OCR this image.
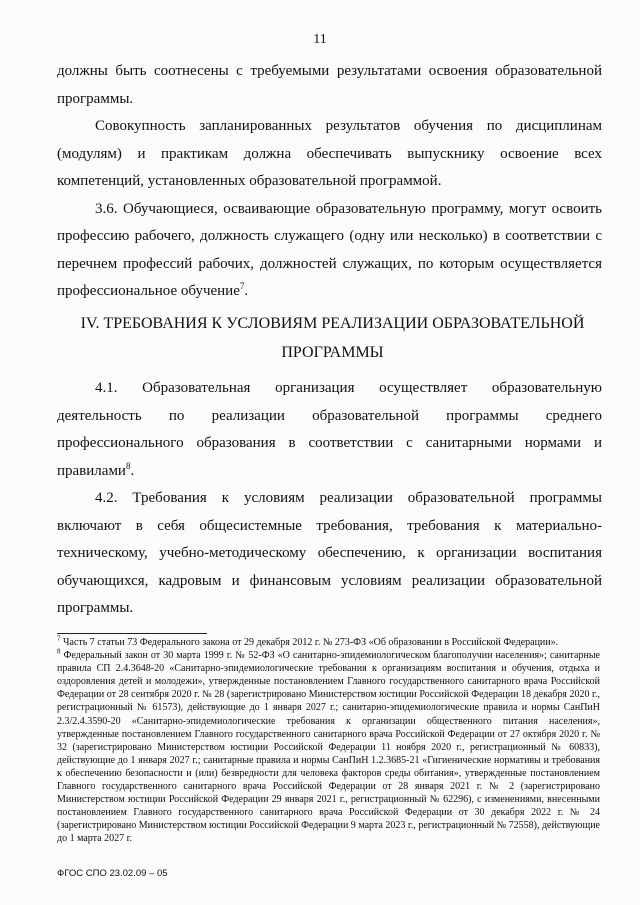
11

должны быть соотнесены с требуемыми результатами освоения образовательной программы.

Совокупность запланированных результатов обучения по дисциплинам (модулям) и практикам должна обеспечивать выпускнику освоение всех компетенций, установленных образовательной программой.

3.6. Обучающиеся, осваивающие образовательную программу, могут освоить профессию рабочего, должность служащего (одну или несколько) в соответствии с перечнем профессий рабочих, должностей служащих, по которым осуществляется профессиональное обучение$^7$.

IV. ТРЕБОВАНИЯ К УСЛОВИЯМ РЕАЛИЗАЦИИ ОБРАЗОВАТЕЛЬНОЙ
ПРОГРАММЫ

4.1. Образовательная организация осуществляет образовательную деятельность по реализации образовательной программы среднего профессионального образования в соответствии с санитарными нормами и правилами$^8$.

4.2. Требования к условиям реализации образовательной программы включают в себя общесистемные требования, требования к материально-техническому, учебно-методическому обеспечению, к организации воспитания обучающихся, кадровым и финансовым условиям реализации образовательной программы.

$^7$ Часть 7 статьи 73 Федерального закона от 29 декабря 2012 г. № 273-ФЗ «Об образовании в Российской Федерации».

$^8$ Федеральный закон от 30 марта 1999 г. № 52-ФЗ «О санитарно-эпидемиологическом благополучии населения»; санитарные правила СП 2.4.3648-20 «Санитарно-эпидемиологические требования к организациям воспитания и обучения, отдыха и оздоровления детей и молодежи», утвержденные постановлением Главного государственного санитарного врача Российской Федерации от 28 сентября 2020 г. № 28 (зарегистрировано Министерством юстиции Российской Федерации 18 декабря 2020 г., регистрационный № 61573), действующие до 1 января 2027 г.; санитарно-эпидемиологические правила и нормы СанПиН 2.3/2.4.3590-20 «Санитарно-эпидемиологические требования к организации общественного питания населения», утвержденные постановлением Главного государственного санитарного врача Российской Федерации от 27 октября 2020 г. № 32 (зарегистрировано Министерством юстиции Российской Федерации 11 ноября 2020 г., регистрационный № 60833), действующие до 1 января 2027 г.; санитарные правила и нормы СанПиН 1.2.3685-21 «Гигиенические нормативы и требования к обеспечению безопасности и (или) безвредности для человека факторов среды обитания», утвержденные постановлением Главного государственного санитарного врача Российской Федерации от 28 января 2021 г. № 2 (зарегистрировано Министерством юстиции Российской Федерации 29 января 2021 г., регистрационный № 62296), с изменениями, внесенными постановлением Главного государственного санитарного врача Российской Федерации от 30 декабря 2022 г. № 24 (зарегистрировано Министерством юстиции Российской Федерации 9 марта 2023 г., регистрационный № 72558), действующие до 1 марта 2027 г.

ФГОС СПО 23.02.09 – 05
